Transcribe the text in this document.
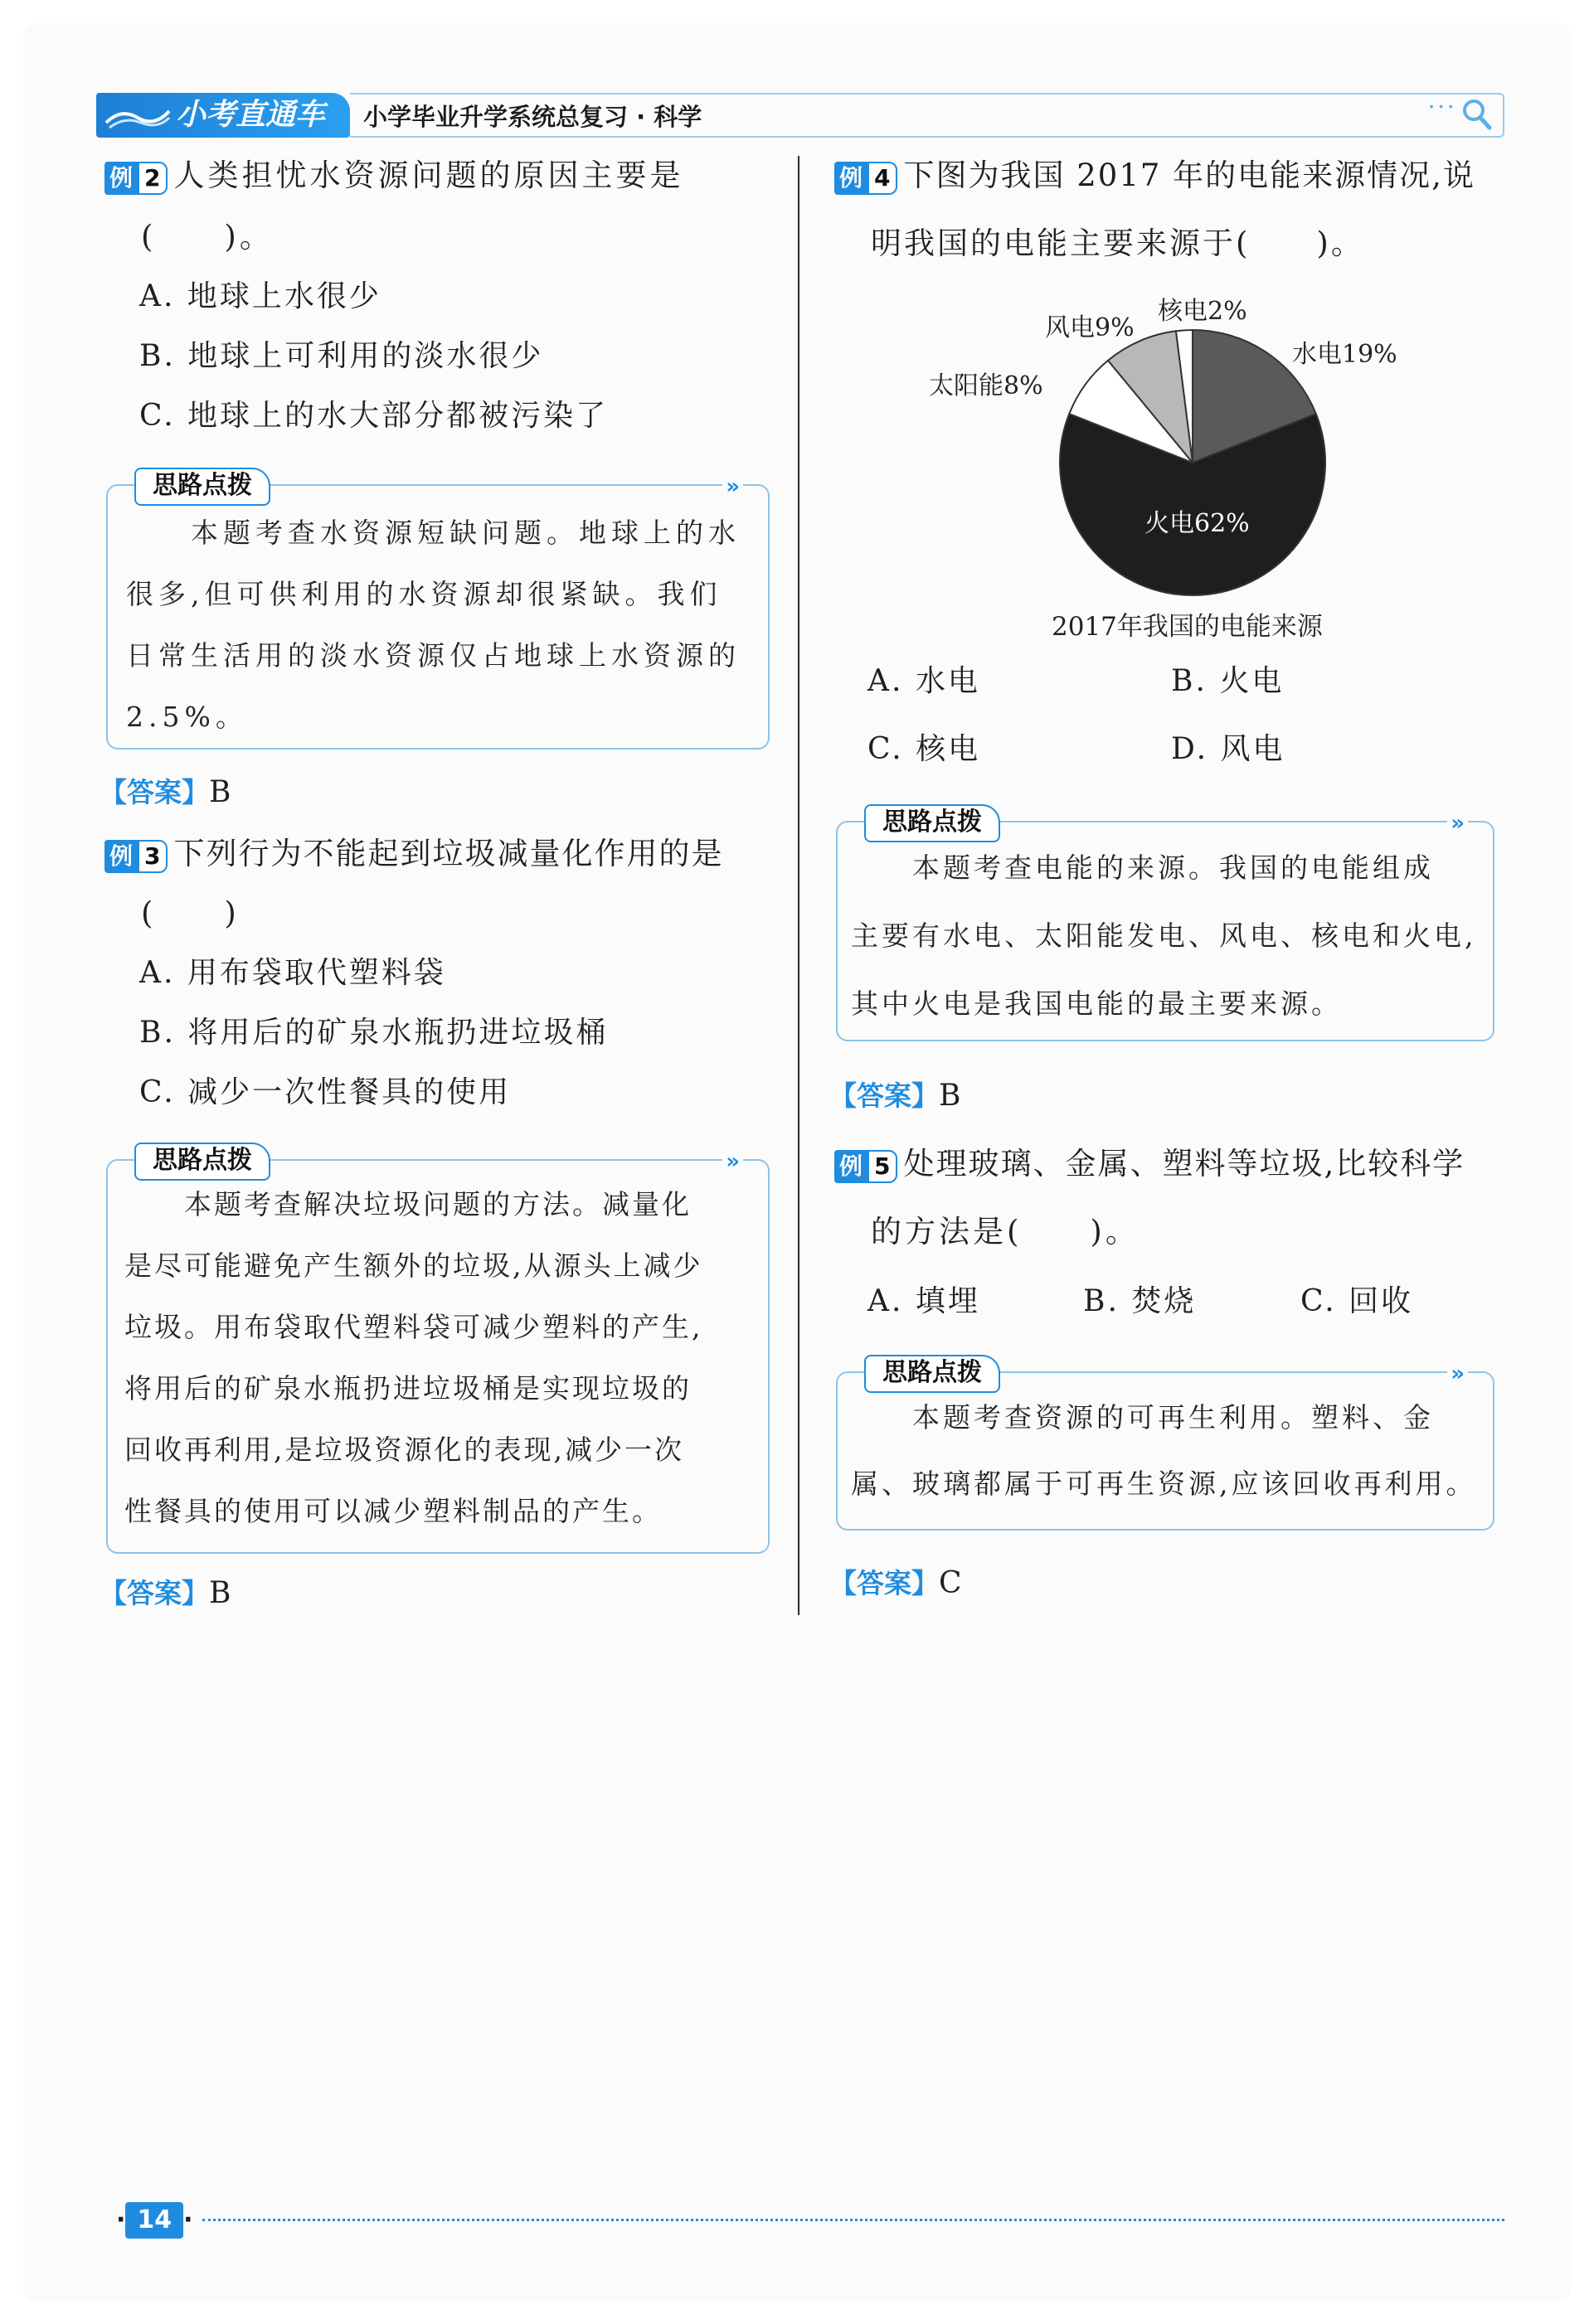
小考直通车	小学毕业升学系统总复习 · 科学	···
例 2 人类担忧水资源问题的原因主要是
(　　)。
A. 地球上水很少
B. 地球上可利用的淡水很少
C. 地球上的水大部分都被污染了
思路点拨	»

　　本题考查水资源短缺问题。地球上的水

很多,但可供利用的水资源却很紧缺。我们

日常生活用的淡水资源仅占地球上水资源的

2.5%。

【答案】B
例 3 下列行为不能起到垃圾减量化作用的是
(　　)
A. 用布袋取代塑料袋
B. 将用后的矿泉水瓶扔进垃圾桶
C. 减少一次性餐具的使用
思路点拨	»

　　本题考查解决垃圾问题的方法。减量化

是尽可能避免产生额外的垃圾,从源头上减少

垃圾。用布袋取代塑料袋可减少塑料的产生,

将用后的矿泉水瓶扔进垃圾桶是实现垃圾的

回收再利用,是垃圾资源化的表现,减少一次

性餐具的使用可以减少塑料制品的产生。

【答案】B
例 4 下图为我国 2017 年的电能来源情况,说
明我国的电能主要来源于(　　)。
水电19%
火电62%
太阳能8%
风电9%
核电2%
2017年我国的电能来源
A. 水电	B. 火电
C. 核电	D. 风电
思路点拨	»

　　本题考查电能的来源。我国的电能组成

主要有水电、太阳能发电、风电、核电和火电,

其中火电是我国电能的最主要来源。

【答案】B
例 5 处理玻璃、金属、塑料等垃圾,比较科学
的方法是(　　)。
A. 填埋	B. 焚烧	C. 回收
思路点拨	»

　　本题考查资源的可再生利用。塑料、金

属、玻璃都属于可再生资源,应该回收再利用。

【答案】C
· 14 ·
